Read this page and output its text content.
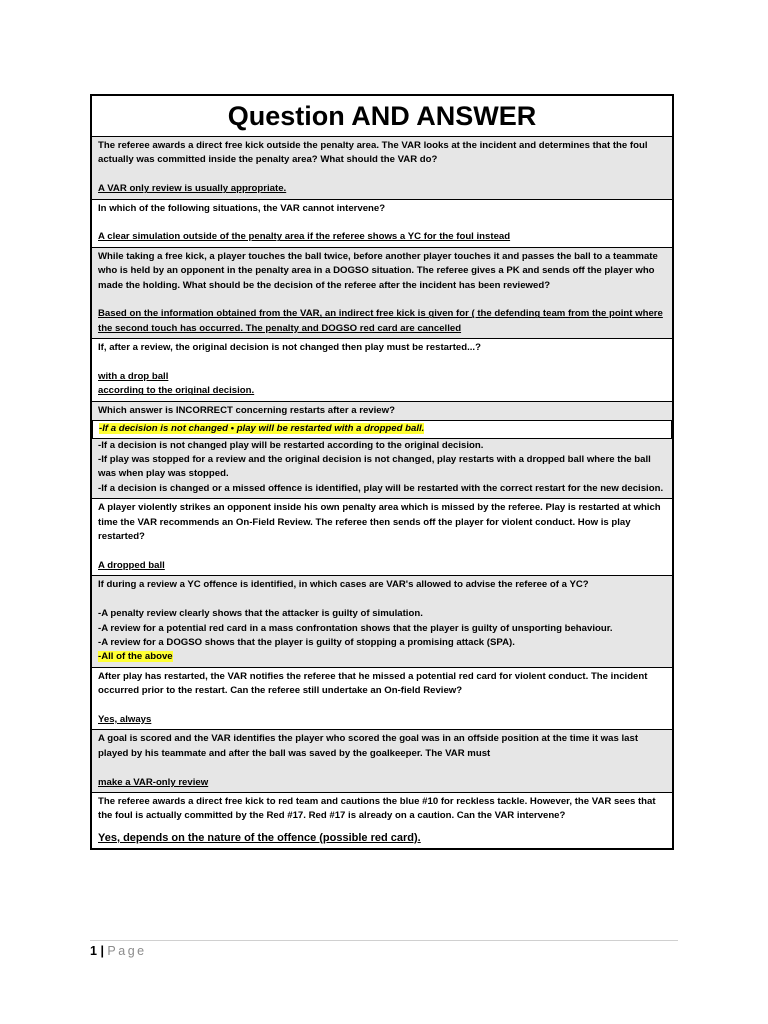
Question AND ANSWER

The referee awards a direct free kick outside the penalty area. The VAR looks at the incident and determines that the foul actually was committed inside the penalty area? What should the VAR do?

A VAR only review is usually appropriate.

In which of the following situations, the VAR cannot intervene?

A clear simulation outside of the penalty area if the referee shows a YC for the foul instead

While taking a free kick, a player touches the ball twice, before another player touches it and passes the ball to a teammate who is held by an opponent in the penalty area in a DOGSO situation. The referee gives a PK and sends off the player who made the holding. What should be the decision of the referee after the incident has been reviewed?

Based on the information obtained from the VAR, an indirect free kick is given for ( the defending team from the point where the second touch has occurred. The penalty and DOGSO red card are cancelled

If, after a review, the original decision is not changed then play must be restarted...?

with a drop ball

according to the original decision.

Which answer is INCORRECT concerning restarts after a review?

-If a decision is not changed • play will be restarted with a dropped ball.

-If a decision is not changed play will be restarted according to the original decision.

-If play was stopped for a review and the original decision is not changed, play restarts with a dropped ball where the ball was when play was stopped.

-If a decision is changed or a missed offence is identified, play will be restarted with the correct restart for the new decision.

A player violently strikes an opponent inside his own penalty area which is missed by the referee. Play is restarted at which time the VAR recommends an On-Field Review. The referee then sends off the player for violent conduct. How is play restarted?

A dropped ball

If during a review a YC offence is identified, in which cases are VAR's allowed to advise the referee of a YC?

-A penalty review clearly shows that the attacker is guilty of simulation.

-A review for a potential red card in a mass confrontation shows that the player is guilty of unsporting behaviour.

-A review for a DOGSO shows that the player is guilty of stopping a promising attack (SPA).

-All of the above

After play has restarted, the VAR notifies the referee that he missed a potential red card for violent conduct. The incident occurred prior to the restart. Can the referee still undertake an On-field Review?

Yes, always

A goal is scored and the VAR identifies the player who scored the goal was in an offside position at the time it was last played by his teammate and after the ball was saved by the goalkeeper. The VAR must

make a VAR-only review

The referee awards a direct free kick to red team and cautions the blue #10 for reckless tackle. However, the VAR sees that the foul is actually committed by the Red #17. Red #17 is already on a caution. Can the VAR intervene?

Yes, depends on the nature of the offence (possible red card).

1 | Page
